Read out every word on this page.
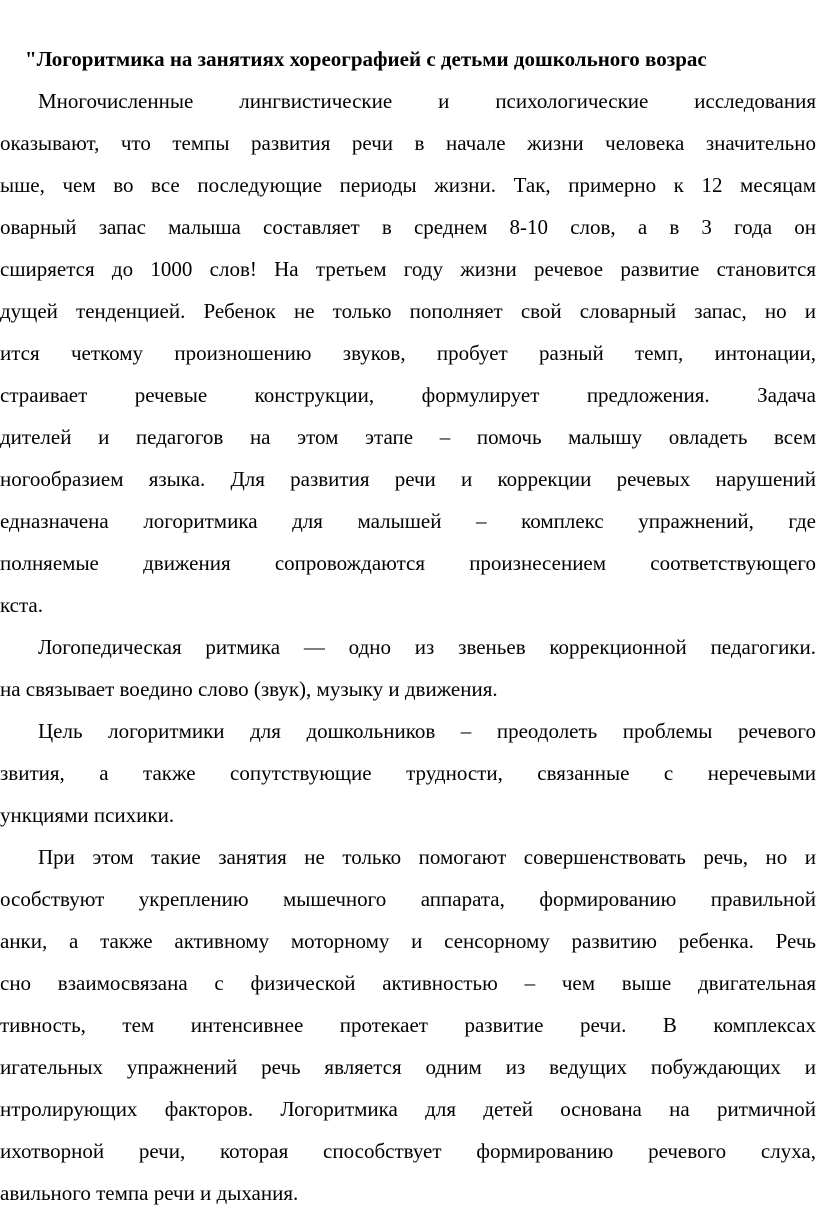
"Логоритмика на занятиях хореографией с детьми дошкольного возрас
Многочисленные лингвистические и психологические исследования
оказывают, что темпы развития речи в начале жизни человека значительно
ыше, чем во все последующие периоды жизни. Так, примерно к 12 месяцам
оварный запас малыша составляет в среднем 8-10 слов, а в 3 года он
сширяется до 1000 слов! На третьем году жизни речевое развитие становится
дущей тенденцией. Ребенок не только пополняет свой словарный запас, но и
ится четкому произношению звуков, пробует разный темп, интонации,
страивает речевые конструкции, формулирует предложения. Задача
дителей и педагогов на этом этапе – помочь малышу овладеть всем
ногообразием языка. Для развития речи и коррекции речевых нарушений
едназначена логоритмика для малышей – комплекс упражнений, где
полняемые движения сопровождаются произнесением соответствующего
кста.
Логопедическая ритмика — одно из звеньев коррекционной педагогики.
на связывает воедино слово (звук), музыку и движения.
Цель логоритмики для дошкольников – преодолеть проблемы речевого
звития, а также сопутствующие трудности, связанные с неречевыми
ункциями психики.
При этом такие занятия не только помогают совершенствовать речь, но и
особствуют укреплению мышечного аппарата, формированию правильной
анки, а также активному моторному и сенсорному развитию ребенка. Речь
сно взаимосвязана с физической активностью – чем выше двигательная
тивность, тем интенсивнее протекает развитие речи. В комплексах
игательных упражнений речь является одним из ведущих побуждающих и
нтролирующих факторов. Логоритмика для детей основана на ритмичной
ихотворной речи, которая способствует формированию речевого слуха,
авильного темпа речи и дыхания.
